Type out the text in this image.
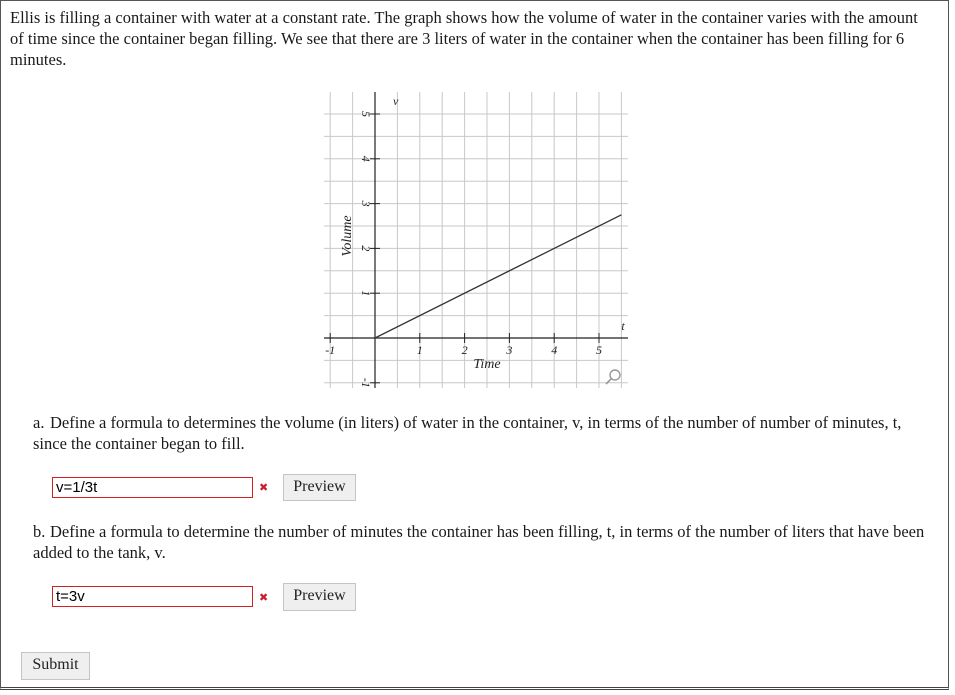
Ellis is filling a container with water at a constant rate. The graph shows how the volume of water in the container varies with the amount of time since the container began filling. We see that there are 3 liters of water in the container when the container has been filling for 6 minutes.
-1	1	2	3	4	5
-1
1
2
3
4
5
Volume
Time
t
v
a. Define a formula to determines the volume (in liters) of water in the container, v, in terms of the number of number of minutes, t, since the container began to fill.
v=1/3t	✖	Preview
b. Define a formula to determine the number of minutes the container has been filling, t, in terms of the number of liters that have been added to the tank, v.
t=3v	✖	Preview
Submit
